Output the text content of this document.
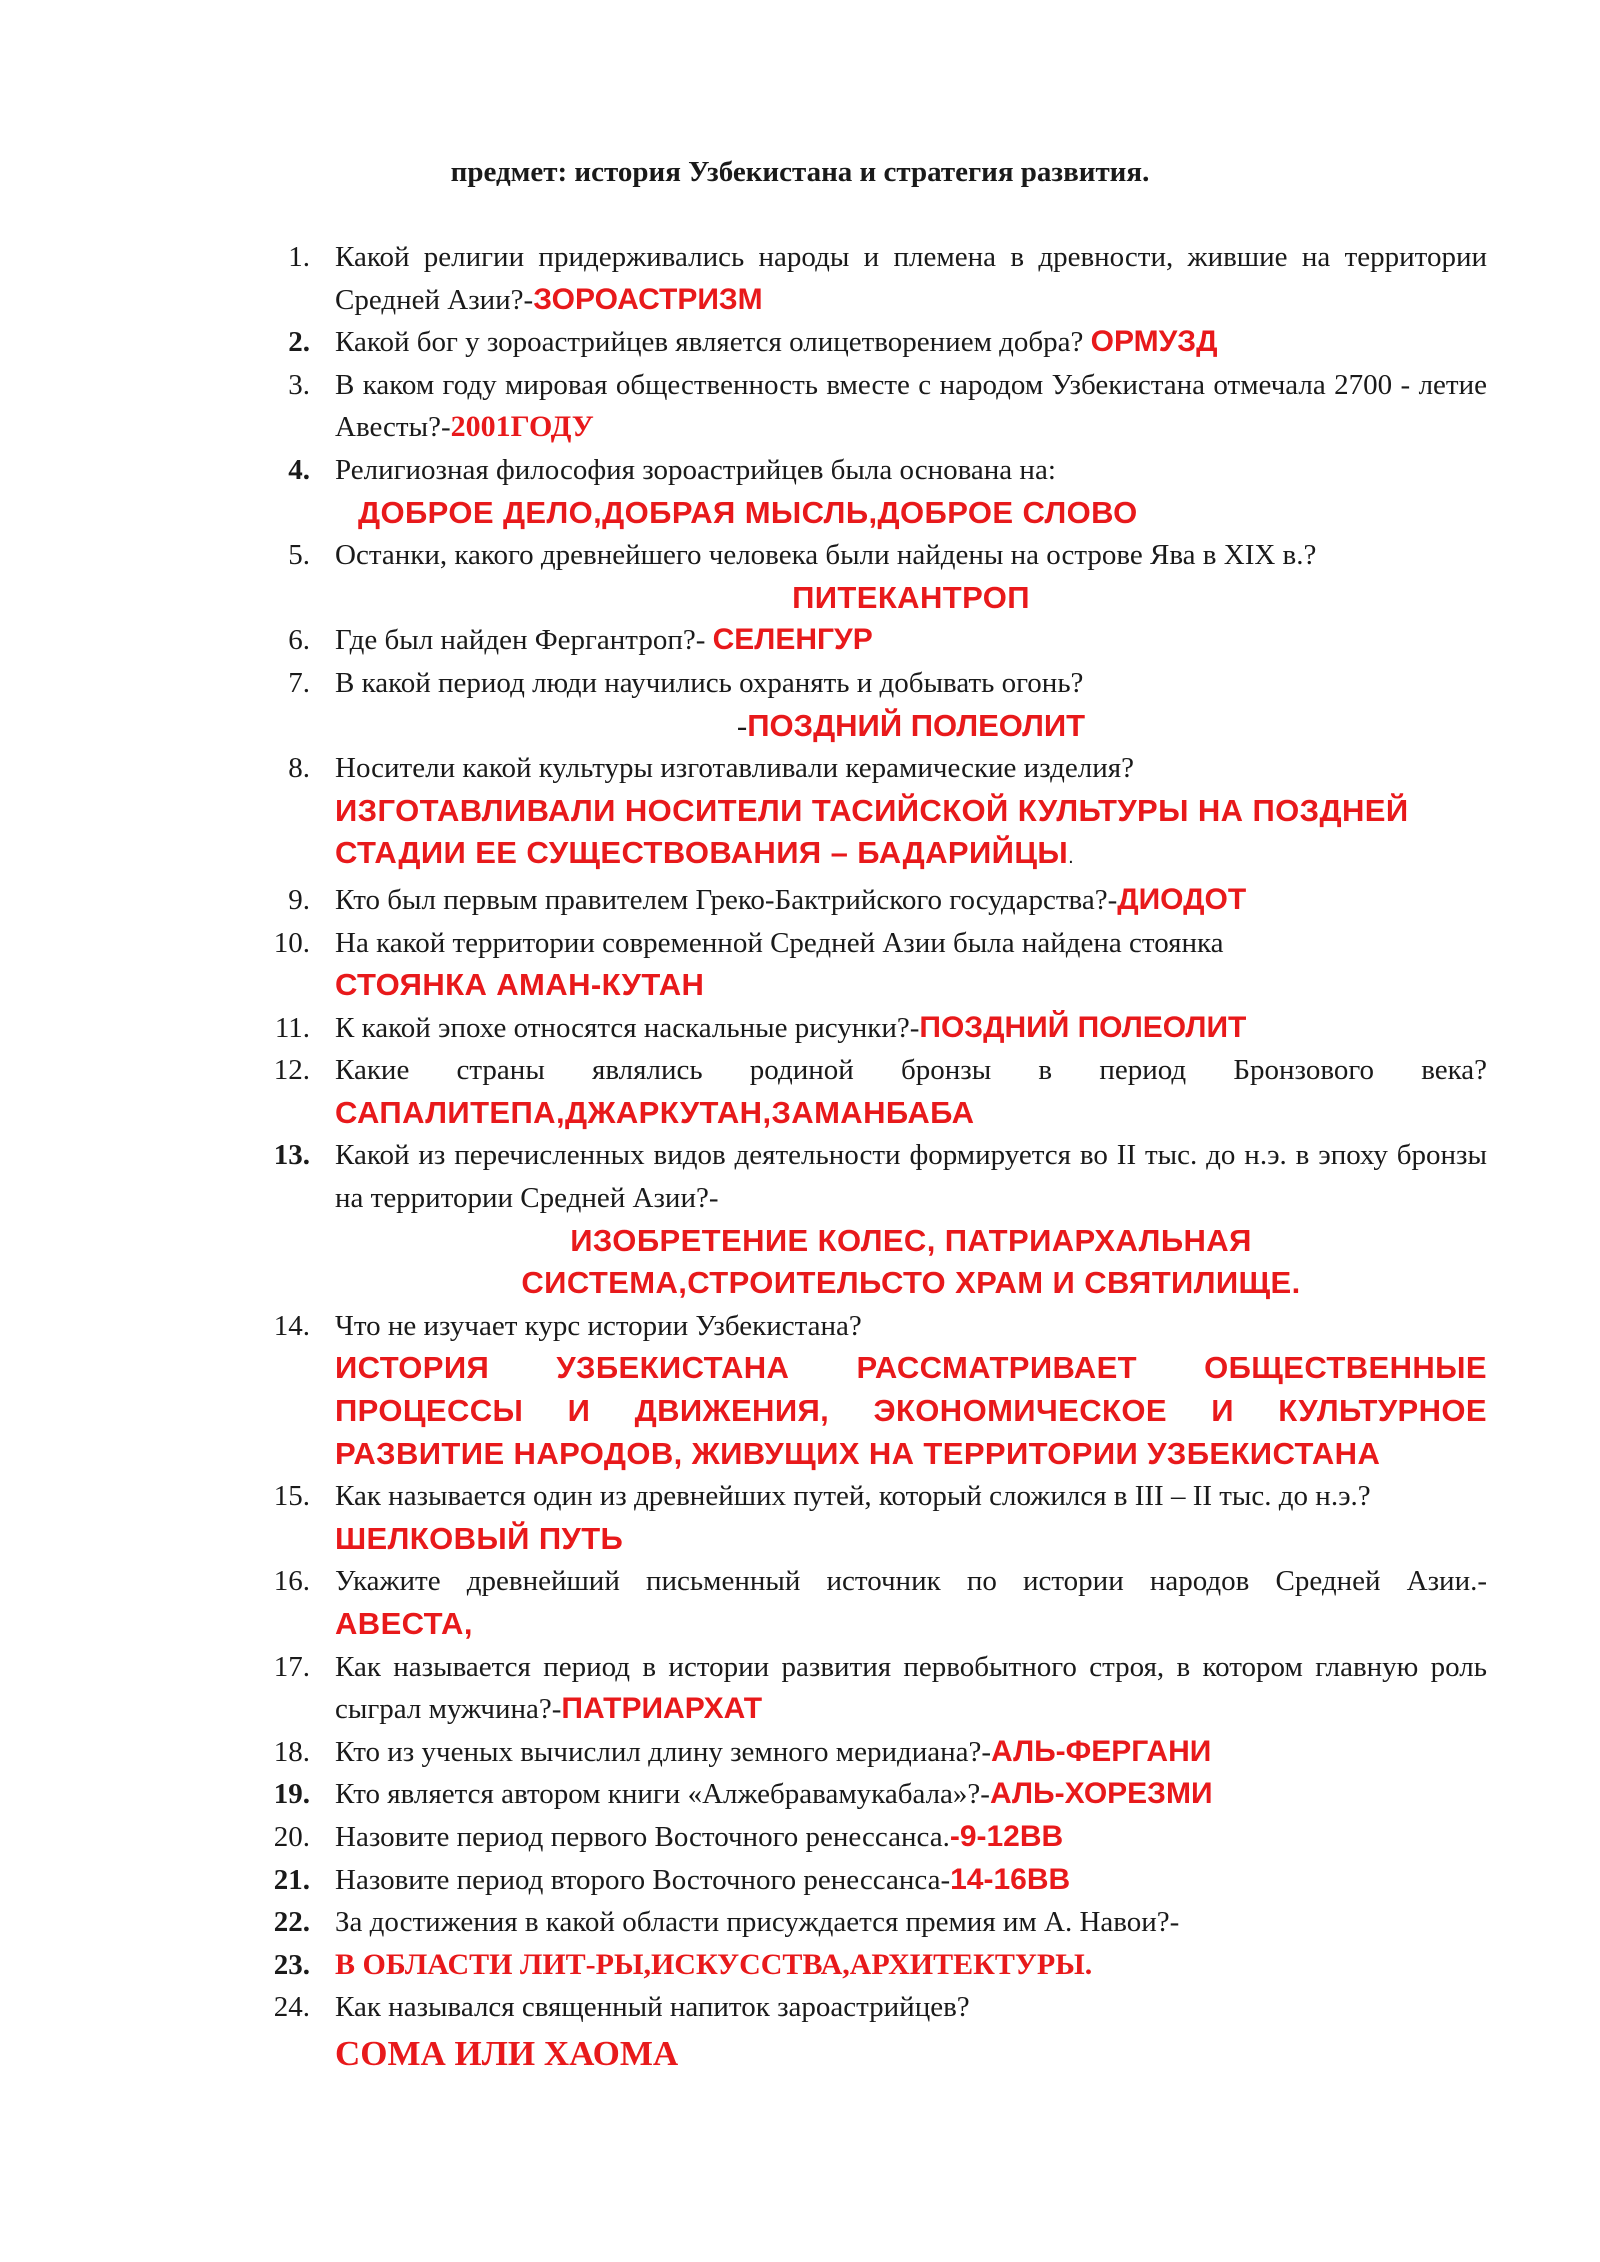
предмет: история Узбекистана и стратегия развития.
1. Какой религии придерживались народы и племена в древности, жившие на территории Средней Азии?-ЗОРОАСТРИЗМ
2. Какой бог у зороастрийцев является олицетворением добра? ОРМУЗД
3. В каком году мировая общественность вместе с народом Узбекистана отмечала 2700 - летие Авесты?-2001ГОДУ
4. Религиозная философия зороастрийцев была основана на:
ДОБРОЕ ДЕЛО,ДОБРАЯ МЫСЛЬ,ДОБРОЕ СЛОВО
5. Останки, какого древнейшего человека были найдены на острове Ява в XIX в.?
ПИТЕКАНТРОП
6. Где был найден Фергантроп?- СЕЛЕНГУР
7. В какой период люди научились охранять и добывать огонь?
-ПОЗДНИЙ ПОЛЕОЛИТ
8. Носители какой культуры изготавливали керамические изделия?
ИЗГОТАВЛИВАЛИ НОСИТЕЛИ ТАСИЙСКОЙ КУЛЬТУРЫ НА ПОЗДНЕЙ СТАДИИ ЕЕ СУЩЕСТВОВАНИЯ – БАДАРИЙЦЫ.
9. Кто был первым правителем Греко-Бактрийского государства?-ДИОДОТ
10. На какой территории современной Средней Азии была найдена стоянка
СТОЯНКА АМАН-КУТАН
11. К какой эпохе относятся наскальные рисунки?-ПОЗДНИЙ ПОЛЕОЛИТ
12. Какие страны являлись родиной бронзы в период Бронзового века?
САПАЛИТЕПА,ДЖАРКУТАН,ЗАМАНБАБА
13. Какой из перечисленных видов деятельности формируется во II тыс. до н.э. в эпоху бронзы на территории Средней Азии?-
ИЗОБРЕТЕНИЕ КОЛЕС, ПАТРИАРХАЛЬНАЯ
СИСТЕМА,СТРОИТЕЛЬСТО ХРАМ И СВЯТИЛИЩЕ.
14. Что не изучает курс истории Узбекистана?
ИСТОРИЯ УЗБЕКИСТАНА РАССМАТРИВАЕТ ОБЩЕСТВЕННЫЕ ПРОЦЕССЫ И ДВИЖЕНИЯ, ЭКОНОМИЧЕСКОЕ И КУЛЬТУРНОЕ РАЗВИТИЕ НАРОДОВ, ЖИВУЩИХ НА ТЕРРИТОРИИ УЗБЕКИСТАНА
15. Как называется один из древнейших путей, который сложился в III – II тыс. до н.э.?
ШЕЛКОВЫЙ ПУТЬ
16. Укажите древнейший письменный источник по истории народов Средней Азии.-
АВЕСТА,
17. Как называется период в истории развития первобытного строя, в котором главную роль сыграл мужчина?-ПАТРИАРХАТ
18. Кто из ученых вычислил длину земного меридиана?-АЛЬ-ФЕРГАНИ
19. Кто является автором книги «Алжебравамукабала»?-АЛЬ-ХОРЕЗМИ
20. Назовите период первого Восточного ренессанса.-9-12ВВ
21. Назовите период второго Восточного ренессанса-14-16ВВ
22. За достижения в какой области присуждается премия им А. Навои?-
23. В ОБЛАСТИ ЛИТ-РЫ,ИСКУССТВА,АРХИТЕКТУРЫ.
24. Как назывался священный напиток зароастрийцев?
СОМА ИЛИ ХАОМА
